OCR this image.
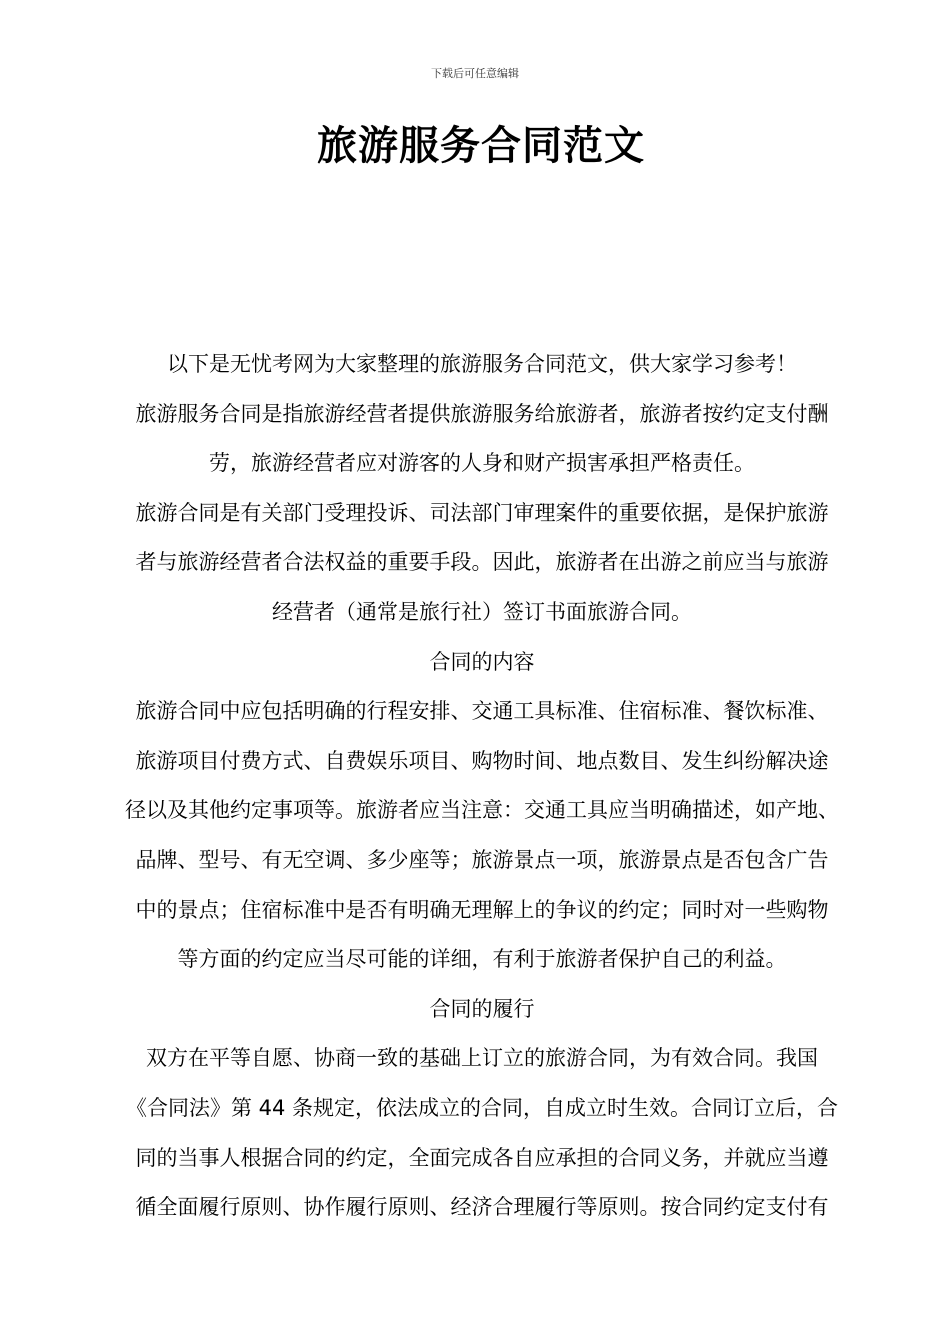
下载后可任意编辑
旅游服务合同范文

以下是无忧考网为大家整理的旅游服务合同范文，供大家学习参考！

旅游服务合同是指旅游经营者提供旅游服务给旅游者，旅游者按约定支付酬
劳，旅游经营者应对游客的人身和财产损害承担严格责任。

旅游合同是有关部门受理投诉、司法部门审理案件的重要依据，是保护旅游
者与旅游经营者合法权益的重要手段。因此，旅游者在出游之前应当与旅游
经营者（通常是旅行社）签订书面旅游合同。

合同的内容

旅游合同中应包括明确的行程安排、交通工具标准、住宿标准、餐饮标准、
旅游项目付费方式、自费娱乐项目、购物时间、地点数目、发生纠纷解决途
径以及其他约定事项等。旅游者应当注意：交通工具应当明确描述，如产地、
品牌、型号、有无空调、多少座等；旅游景点一项，旅游景点是否包含广告
中的景点；住宿标准中是否有明确无理解上的争议的约定；同时对一些购物
等方面的约定应当尽可能的详细，有利于旅游者保护自己的利益。

合同的履行

双方在平等自愿、协商一致的基础上订立的旅游合同，为有效合同。我国
《合同法》第 44 条规定，依法成立的合同，自成立时生效。合同订立后，合
同的当事人根据合同的约定，全面完成各自应承担的合同义务，并就应当遵
循全面履行原则、协作履行原则、经济合理履行等原则。按合同约定支付有
